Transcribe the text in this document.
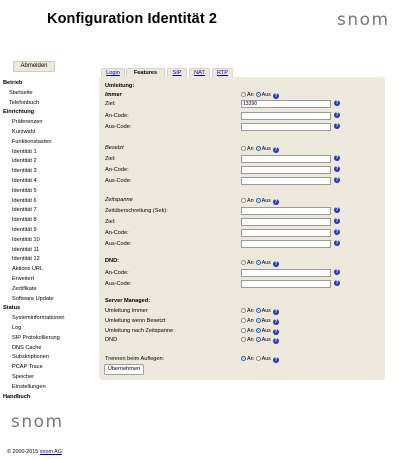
Konfiguration Identität 2	snom
Abmelden
Betrieb
Startseite
Telefonbuch
Einrichtung
Präferenzen
Kurzwahl
Funktionstasten
Identität 1
Identität 2
Identität 3
Identität 4
Identität 5
Identität 6
Identität 7
Identität 8
Identität 9
Identität 10
Identität 11
Identität 12
Aktions URL
Erweitert
Zertifikate
Software Update
Status
Systeminformationen
Log
SIP Protokollierung
DNS Cache
Subskriptionen
PCAP Trace
Speicher
Einstellungen
Handbuch
snom
© 2000-2015 snom AG
Login	Features	SIP	NAT	RTP
Umleitung:
Immer	An Aus ?
Ziel:	13390	?
An-Code:	?
Aus-Code:	?
Besetzt	An Aus ?
Ziel:	?
An-Code:	?
Aus-Code:	?
Zeitspanne	An Aus ?
Zeitüberschreitung (Sek):	?
Ziel:	?
An-Code:	?
Aus-Code:	?
DND:	An Aus ?
An-Code:	?
Aus-Code:	?
Server Managed:
Umleitung Immer	An Aus ?
Umleitung wenn Besetzt	An Aus ?
Umleitung nach Zeitspanne	An Aus ?
DND	An Aus ?
Trennen beim Auflegen:	An Aus ?
Übernehmen
